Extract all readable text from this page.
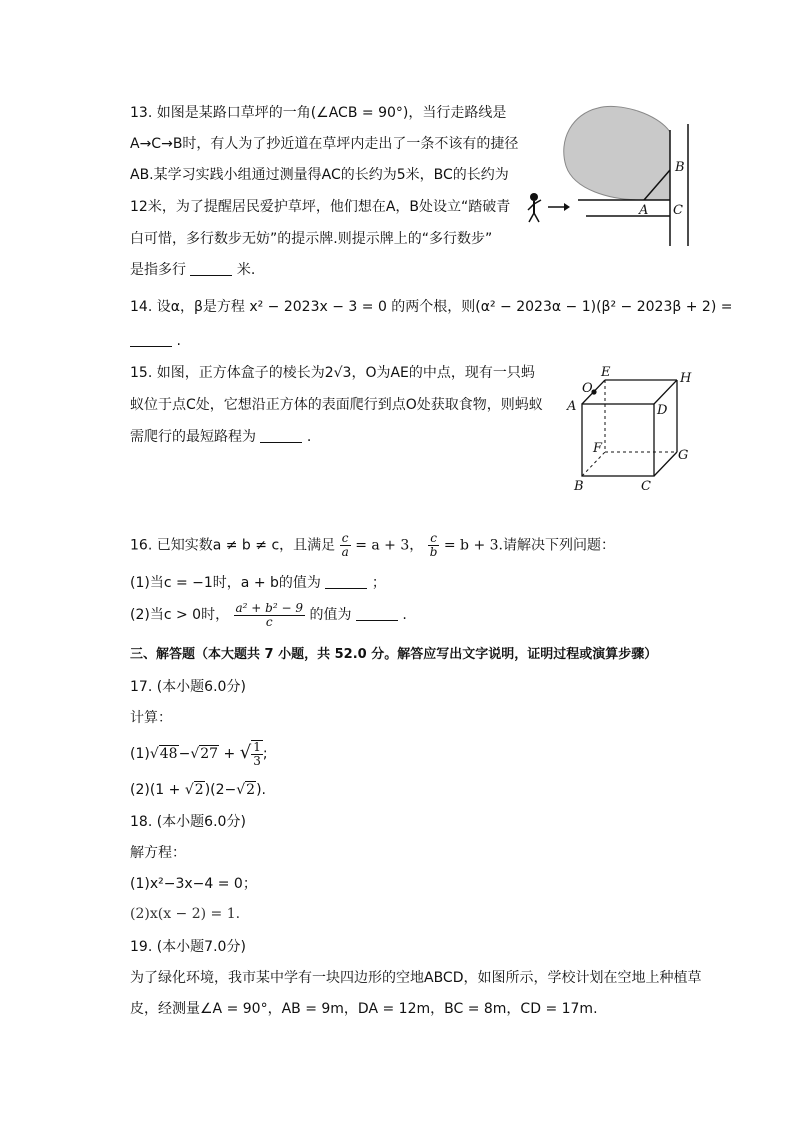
13. 如图是某路口草坪的一角(∠ACB = 90°)，当行走路线是
A→C→B时，有人为了抄近道在草坪内走出了一条不该有的捷径
AB.某学习实践小组通过测量得AC的长约为5米，BC的长约为
12米，为了提醒居民爱护草坪，他们想在A，B处设立“踏破青
白可惜，多行数步无妨”的提示牌.则提示牌上的“多行数步”
是指多行	米.
B
A C
14. 设α，β是方程 x² − 2023x − 3 = 0 的两个根，则(α² − 2023α − 1)(β² − 2023β + 2) =
.
15. 如图，正方体盒子的棱长为2√3，O为AE的中点，现有一只蚂
蚁位于点C处，它想沿正方体的表面爬行到点O处获取食物，则蚂蚁
需爬行的最短路程为	.
O
E	H
A	D
F	G
B	C
16. 已知实数a ≠ b ≠ c，且满足 $\frac{c}{a} = a + 3$， $\frac{c}{b} = b + 3$.请解决下列问题：
(1)当c = −1时，a + b的值为	；
(2)当c > 0时， $\frac{\text{a² + b² − 9}}{c}$ 的值为	.
三、解答题（本大题共 7 小题，共 52.0 分。解答应写出文字说明，证明过程或演算步骤）
17. (本小题6.0分)
计算：
(1)√48−√27 + √ $\frac{1}{3}$ ;
(2)(1 + √2)(2−√2).
18. (本小题6.0分)
解方程：
(1)x²−3x−4 = 0；
(2)x(x − 2) = 1.
19. (本小题7.0分)
为了绿化环境，我市某中学有一块四边形的空地ABCD，如图所示，学校计划在空地上种植草
皮，经测量∠A = 90°，AB = 9m，DA = 12m，BC = 8m，CD = 17m.
